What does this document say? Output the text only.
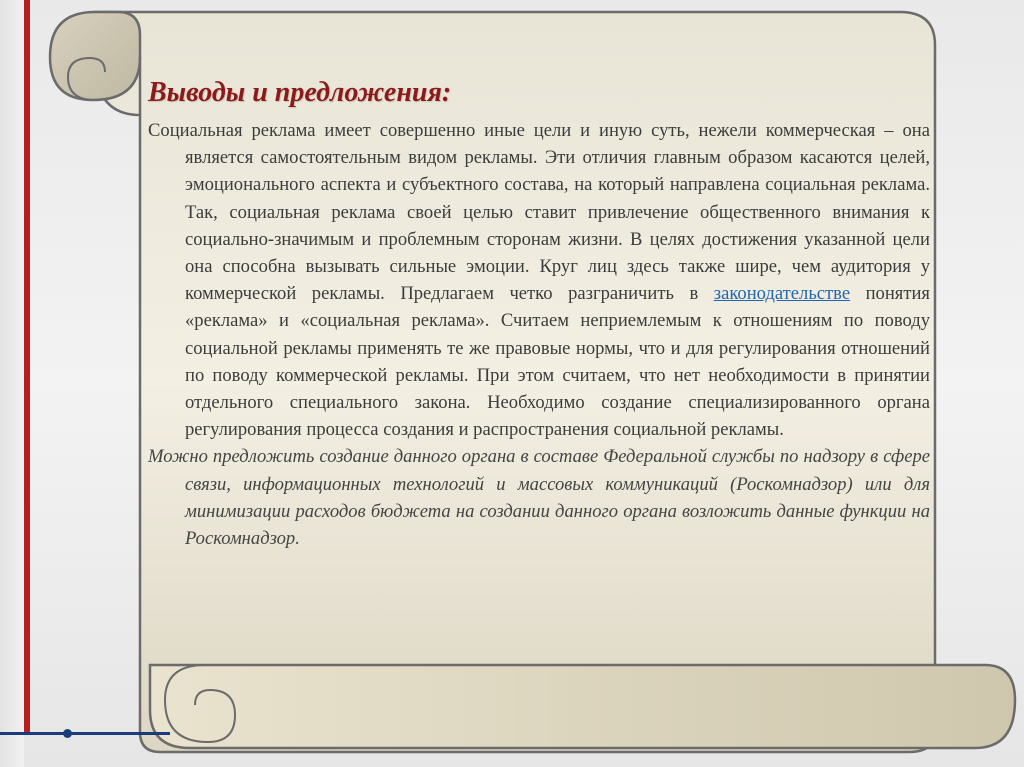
Выводы и предложения:

Социальная реклама имеет совершенно иные цели и иную суть, нежели коммерческая – она является самостоятельным видом рекламы. Эти отличия главным образом касаются целей, эмоционального аспекта и субъектного состава, на который направлена социальная реклама. Так, социальная реклама своей целью ставит привлечение общественного внимания к социально-значимым и проблемным сторонам жизни. В целях достижения указанной цели она способна вызывать сильные эмоции. Круг лиц здесь также шире, чем аудитория у коммерческой рекламы. Предлагаем четко разграничить в законодательстве понятия «реклама» и «социальная реклама». Считаем неприемлемым к отношениям по поводу социальной рекламы применять те же правовые нормы, что и для регулирования отношений по поводу коммерческой рекламы. При этом считаем, что нет необходимости в принятии отдельного специального закона. Необходимо создание специализированного органа регулирования процесса создания и распространения социальной рекламы.

Можно предложить создание данного органа в составе Федеральной службы по надзору в сфере связи, информационных технологий и массовых коммуникаций (Роскомнадзор) или для минимизации расходов бюджета на создании данного органа возложить данные функции на Роскомнадзор.
